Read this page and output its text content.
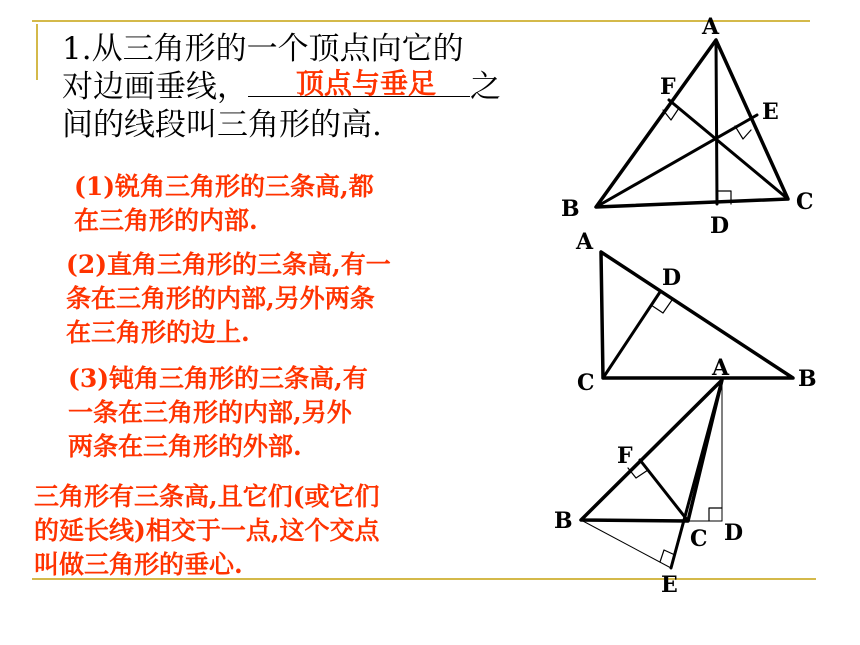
1.从三角形的一个顶点向它的
对边画垂线，	之
间的线段叫三角形的高.
顶点与垂足
(1)锐角三角形的三条高,都
在三角形的内部.
(2)直角三角形的三条高,有一
条在三角形的内部,另外两条
在三角形的边上.
(3)钝角三角形的三条高,有
一条在三角形的内部,另外
两条在三角形的外部.
三角形有三条高,且它们(或它们
的延长线)相交于一点,这个交点
叫做三角形的垂心.
A
B	C
D
E
F
A
B
C
D
A
B
C D
E
F
